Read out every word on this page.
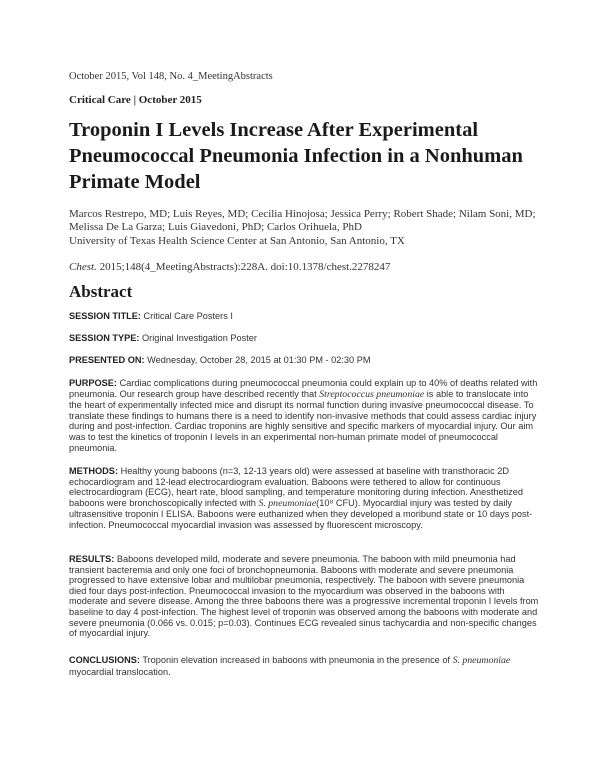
October 2015, Vol 148, No. 4_MeetingAbstracts
Critical Care | October 2015
Troponin I Levels Increase After Experimental Pneumococcal Pneumonia Infection in a Nonhuman Primate Model

Marcos Restrepo, MD; Luis Reyes, MD; Cecilia Hinojosa; Jessica Perry; Robert Shade; Nilam Soni, MD; Melissa De La Garza; Luis Giavedoni, PhD; Carlos Orihuela, PhD

University of Texas Health Science Center at San Antonio, San Antonio, TX
Chest. 2015;148(4_MeetingAbstracts):228A. doi:10.1378/chest.2278247
Abstract
SESSION TITLE: Critical Care Posters I
SESSION TYPE: Original Investigation Poster
PRESENTED ON: Wednesday, October 28, 2015 at 01:30 PM - 02:30 PM

PURPOSE: Cardiac complications during pneumococcal pneumonia could explain up to 40% of deaths related with pneumonia. Our research group have described recently that Streptococcus pneumoniae is able to translocate into the heart of experimentally infected mice and disrupt its normal function during invasive pneumococcal disease. To translate these findings to humans there is a need to identify non-invasive methods that could assess cardiac injury during and post-infection. Cardiac troponins are highly sensitive and specific markers of myocardial injury. Our aim was to test the kinetics of troponin I levels in an experimental non-human primate model of pneumococcal pneumonia.

METHODS: Healthy young baboons (n=3, 12-13 years old) were assessed at baseline with transthoracic 2D echocardiogram and 12-lead electrocardiogram evaluation. Baboons were tethered to allow for continuous electrocardiogram (ECG), heart rate, blood sampling, and temperature monitoring during infection. Anesthetized baboons were bronchoscopically infected with S. pneumoniae(10⁸ CFU). Myocardial injury was tested by daily ultrasensitive troponin I ELISA. Baboons were euthanized when they developed a moribund state or 10 days post-infection. Pneumococcal myocardial invasion was assessed by fluorescent microscopy.

RESULTS: Baboons developed mild, moderate and severe pneumonia. The baboon with mild pneumonia had transient bacteremia and only one foci of bronchopneumonia. Baboons with moderate and severe pneumonia progressed to have extensive lobar and multilobar pneumonia, respectively. The baboon with severe pneumonia died four days post-infection. Pneumococcal invasion to the myocardium was observed in the baboons with moderate and severe disease. Among the three baboons there was a progressive incremental troponin I levels from baseline to day 4 post-infection. The highest level of troponin was observed among the baboons with moderate and severe pneumonia (0.066 vs. 0.015; p=0.03). Continues ECG revealed sinus tachycardia and non-specific changes of myocardial injury.

CONCLUSIONS: Troponin elevation increased in baboons with pneumonia in the presence of S. pneumoniae myocardial translocation.
